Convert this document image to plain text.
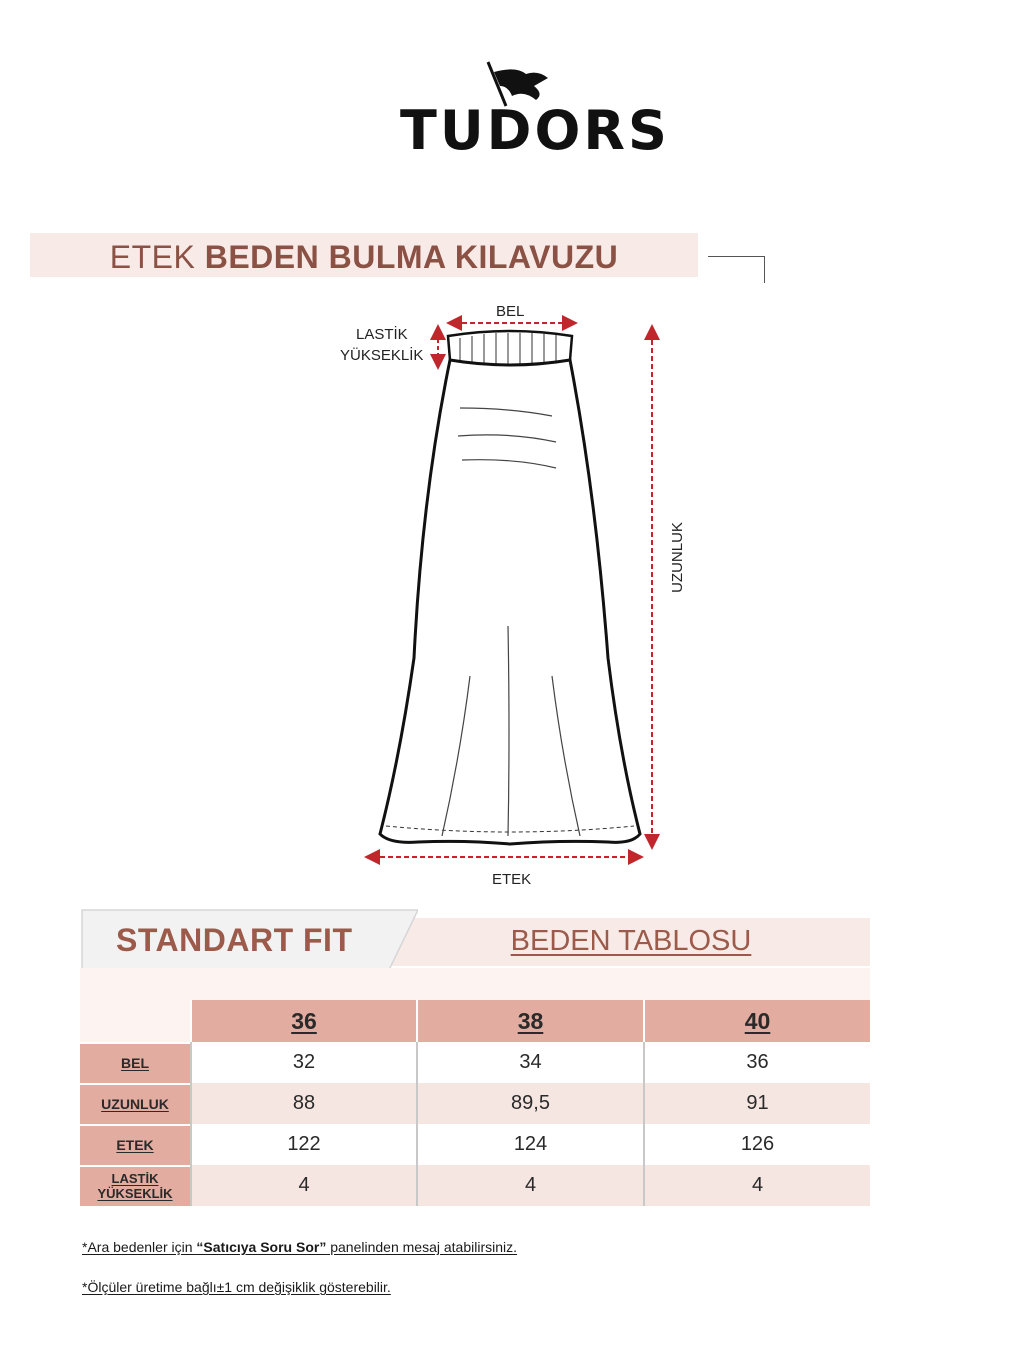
TUDORS
ETEK BEDEN BULMA KILAVUZU
BEL
LASTİK
YÜKSEKLİK
UZUNLUK
ETEK
BEDEN TABLOSU
STANDART FIT
36	38	40
BEL	32	34	36
UZUNLUK	88	89,5	91
ETEK	122	124	126
LASTİK
YÜKSEKLİK	4	4	4
*Ara bedenler için “Satıcıya Soru Sor” panelinden mesaj atabilirsiniz.
*Ölçüler üretime bağlı±1 cm değişiklik gösterebilir.
